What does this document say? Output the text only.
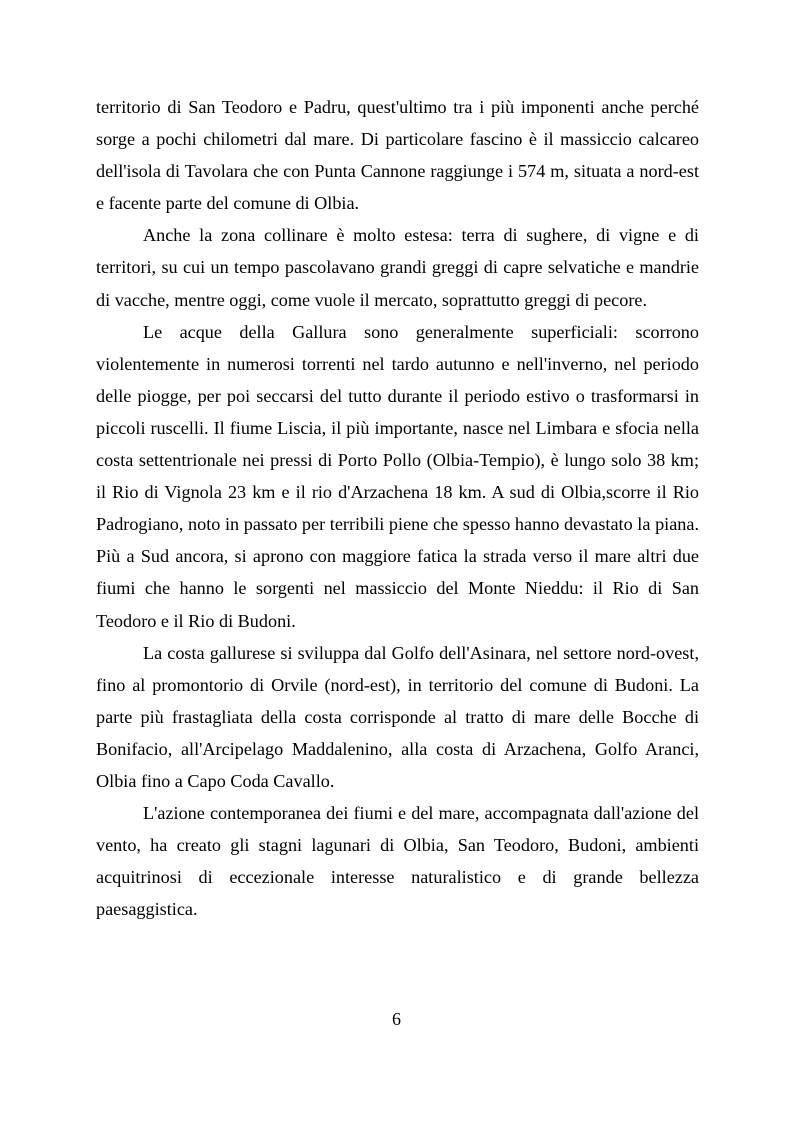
territorio di San Teodoro e Padru, quest'ultimo tra i più imponenti anche perché sorge a pochi chilometri dal mare. Di particolare fascino è il massiccio calcareo dell'isola di Tavolara che con Punta Cannone raggiunge i 574 m, situata a nord-est e facente parte del comune di Olbia.

Anche la zona collinare è molto estesa: terra di sughere, di vigne e di territori, su cui un tempo pascolavano grandi greggi di capre selvatiche e mandrie di vacche, mentre oggi, come vuole il mercato, soprattutto greggi di pecore.

Le acque della Gallura sono generalmente superficiali: scorrono violentemente in numerosi torrenti nel tardo autunno e nell'inverno, nel periodo delle piogge, per poi seccarsi del tutto durante il periodo estivo o trasformarsi in piccoli ruscelli. Il fiume Liscia, il più importante, nasce nel Limbara e sfocia nella costa settentrionale nei pressi di Porto Pollo (Olbia-Tempio), è lungo solo 38 km; il Rio di Vignola 23 km e il rio d'Arzachena 18 km. A sud di Olbia,scorre il Rio Padrogiano, noto in passato per terribili piene che spesso hanno devastato la piana. Più a Sud ancora, si aprono con maggiore fatica la strada verso il mare altri due fiumi che hanno le sorgenti nel massiccio del Monte Nieddu: il Rio di San Teodoro e il Rio di Budoni.

La costa gallurese si sviluppa dal Golfo dell'Asinara, nel settore nord-ovest, fino al promontorio di Orvile (nord-est), in territorio del comune di Budoni. La parte più frastagliata della costa corrisponde al tratto di mare delle Bocche di Bonifacio, all'Arcipelago Maddalenino, alla costa di Arzachena, Golfo Aranci, Olbia fino a Capo Coda Cavallo.

L'azione contemporanea dei fiumi e del mare, accompagnata dall'azione del vento, ha creato gli stagni lagunari di Olbia, San Teodoro, Budoni, ambienti acquitrinosi di eccezionale interesse naturalistico e di grande bellezza paesaggistica.

6
